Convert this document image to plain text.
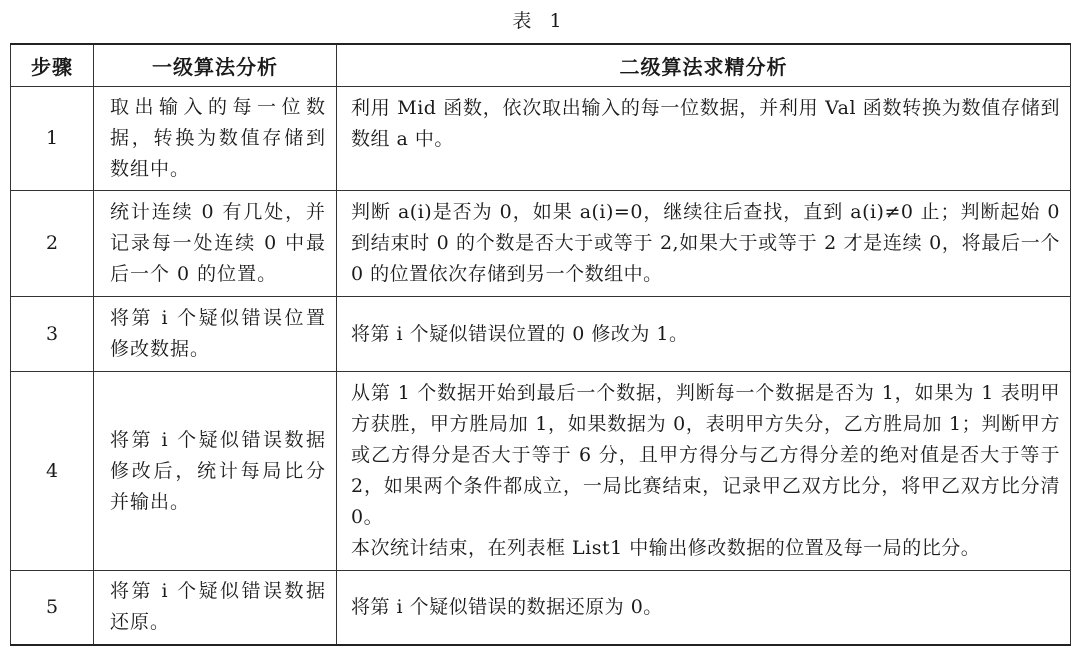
表 1
步骤	一级算法分析	二级算法求精分析
1	取出输入的每一位数据，转换为数值存储到数组中。	利用 Mid 函数，依次取出输入的每一位数据，并利用 Val 函数转换为数值存储到数组 a 中。

2	统计连续 0 有几处，并记录每一处连续 0 中最后一个 0 的位置。	判断 a(i)是否为 0，如果 a(i)=0，继续往后查找，直到 a(i)≠0 止；判断起始 0 到结束时 0 的个数是否大于或等于 2,如果大于或等于 2 才是连续 0，将最后一个 0 的位置依次存储到另一个数组中。

3	将第 i 个疑似错误位置修改数据。	将第 i 个疑似错误位置的 0 修改为 1。

4	将第 i 个疑似错误数据修改后，统计每局比分并输出。	从第 1 个数据开始到最后一个数据，判断每一个数据是否为 1，如果为 1 表明甲方获胜，甲方胜局加 1，如果数据为 0，表明甲方失分，乙方胜局加 1；判断甲方或乙方得分是否大于等于 6 分，且甲方得分与乙方得分差的绝对值是否大于等于 2，如果两个条件都成立，一局比赛结束，记录甲乙双方比分，将甲乙双方比分清 0。
本次统计结束，在列表框 List1 中输出修改数据的位置及每一局的比分。

5	将第 i 个疑似错误数据还原。	将第 i 个疑似错误的数据还原为 0。
